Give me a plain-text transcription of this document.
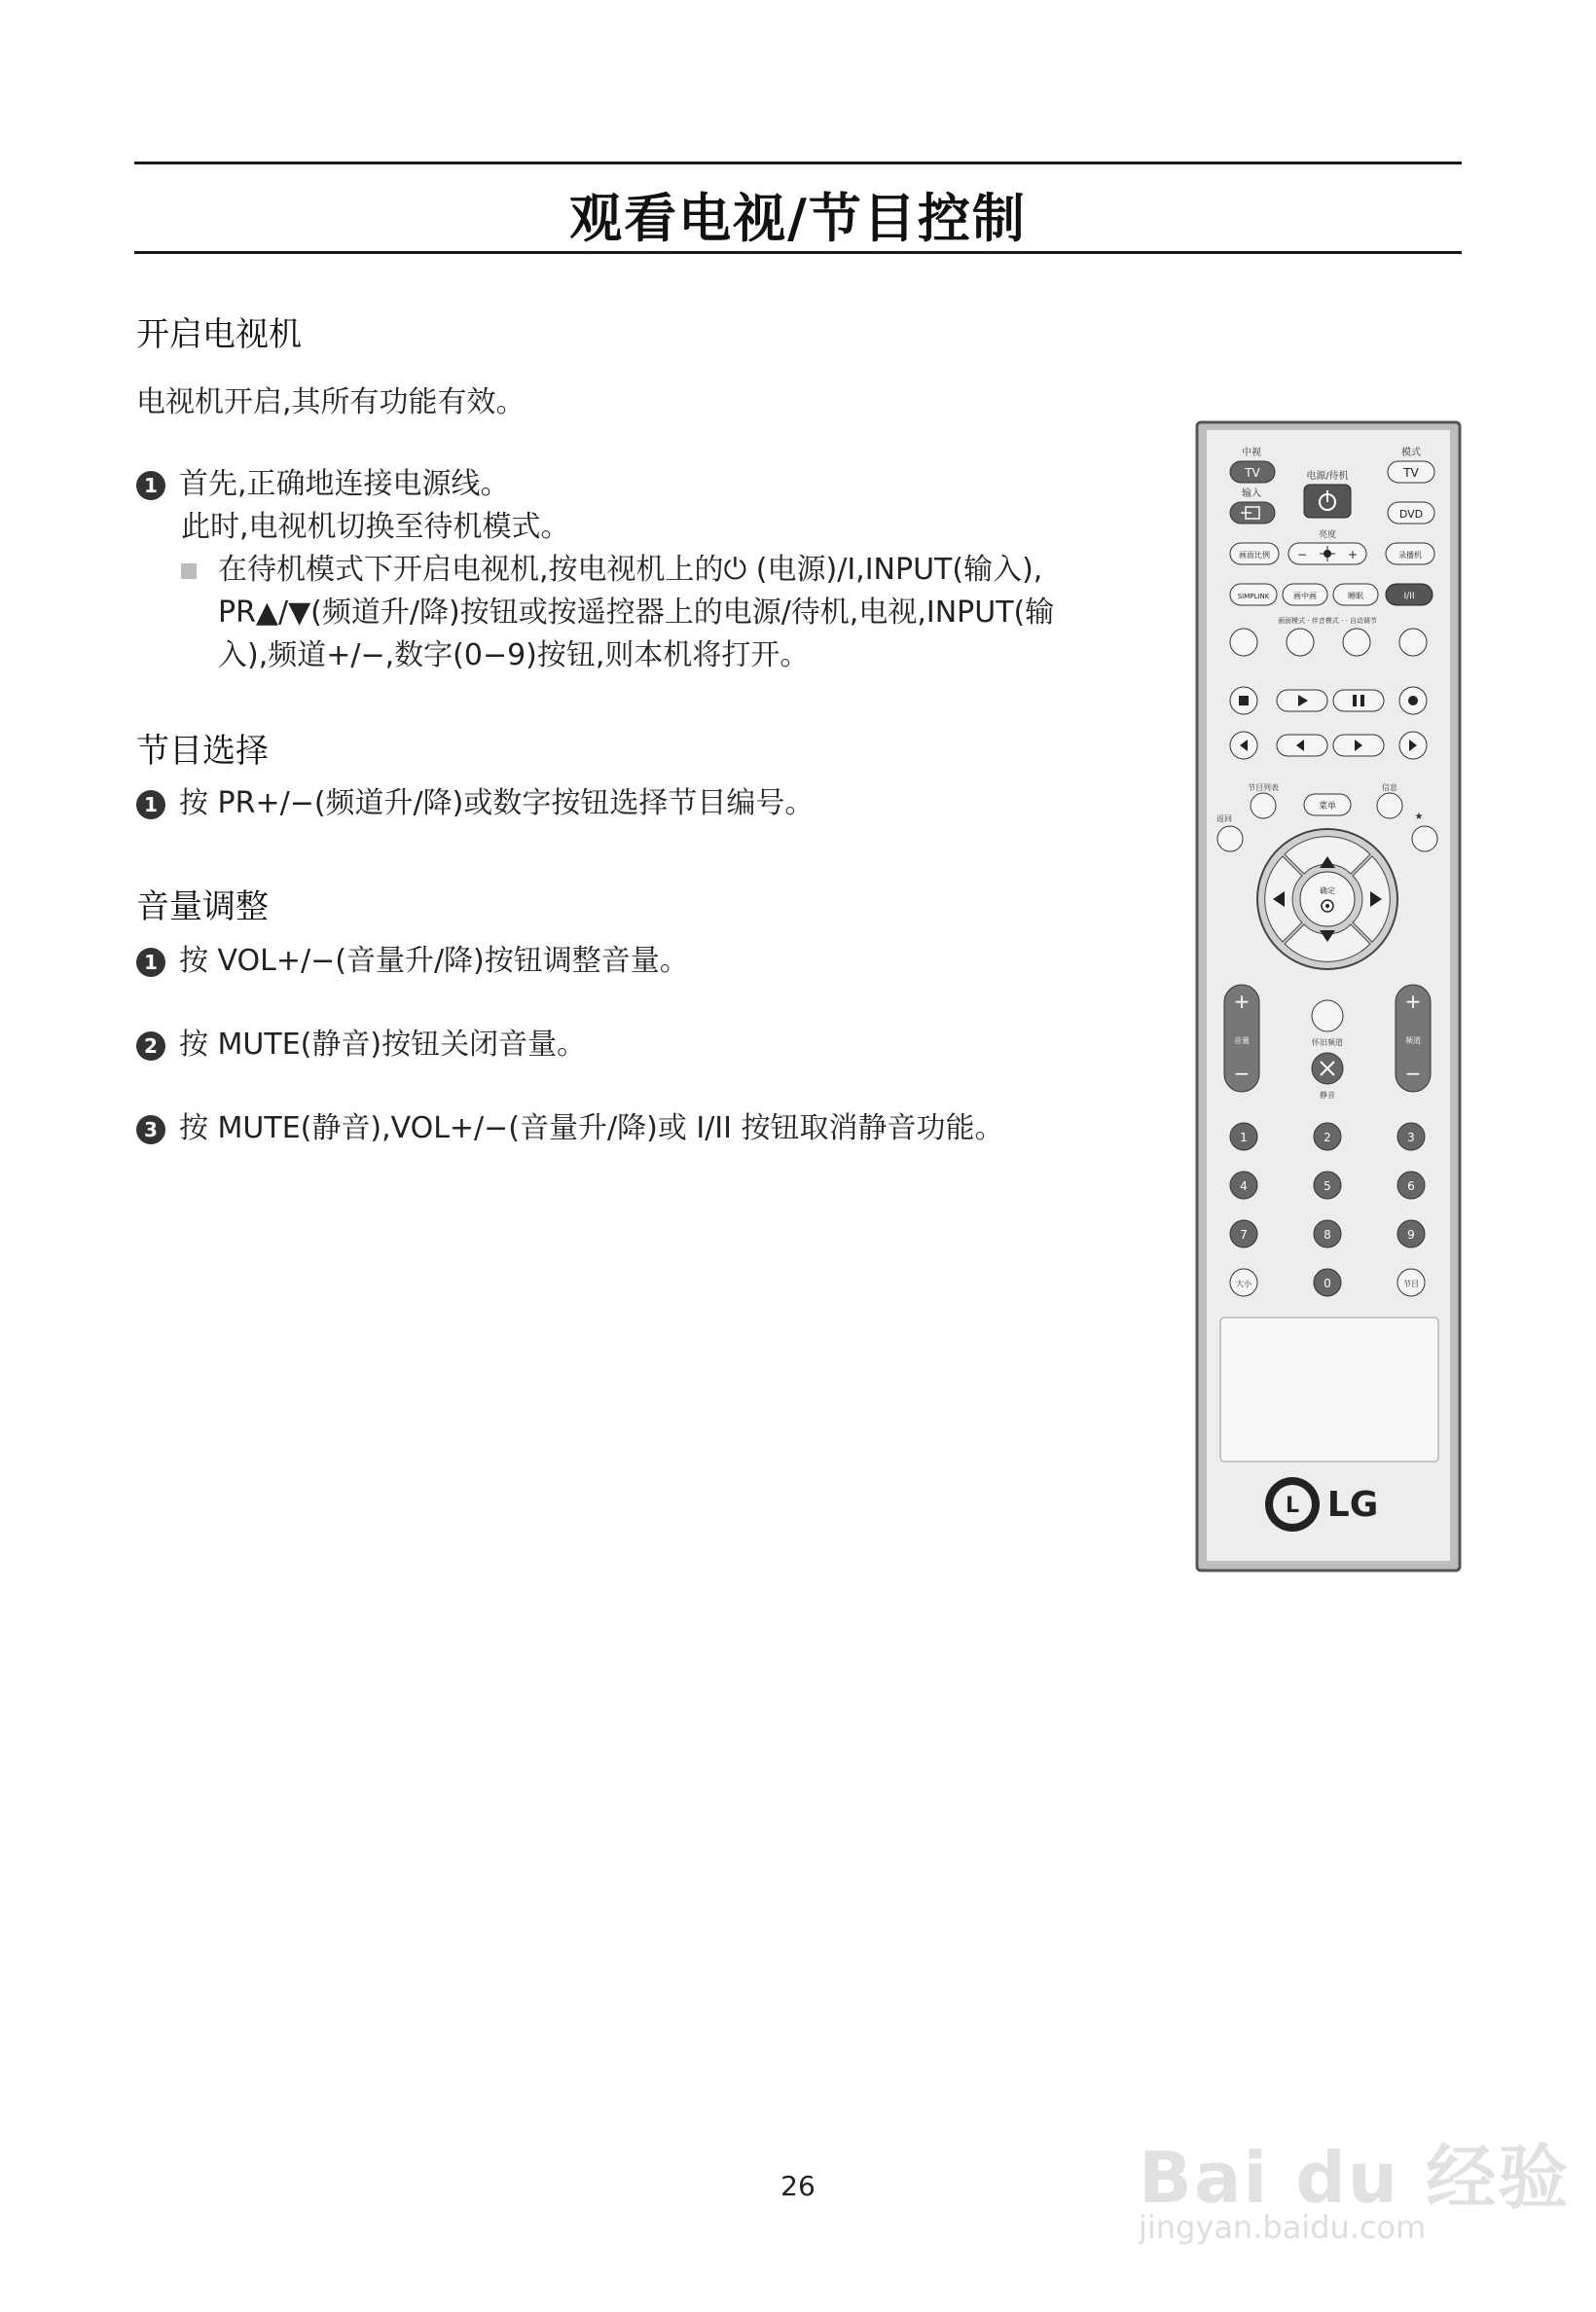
观看电视/节目控制
开启电视机
电视机开启,其所有功能有效。
1 首先,正确地连接电源线。
此时,电视机切换至待机模式。
在待机模式下开启电视机,按电视机上的⏻ (电源)/I,INPUT(输入),
PR▲/▼(频道升/降)按钮或按遥控器上的电源/待机,电视,INPUT(输
入),频道+/−,数字(0−9)按钮,则本机将打开。
节目选择
1 按 PR+/−(频道升/降)或数字按钮选择节目编号。
音量调整
1 按 VOL+/−(音量升/降)按钮调整音量。
2 按 MUTE(静音)按钮关闭音量。
3 按 MUTE(静音),VOL+/−(音量升/降)或 I/II 按钮取消静音功能。
中视
TV
模式
TV
电源/待机
输入
DVD
亮度
画面比例 −	+	录播机
SIMPLINK	画中画	睡眠	I/II
画面模式 · 伴音模式 · · 自动调节
节目列表
菜单
信息
返回	★
确定
+
音量
−
+
频道
−
怀旧频道
静音
1	2	3
4	5	6
7	8	9
大小	0	节目
L LG
26	Bai du 经验
jingyan.baidu.com
